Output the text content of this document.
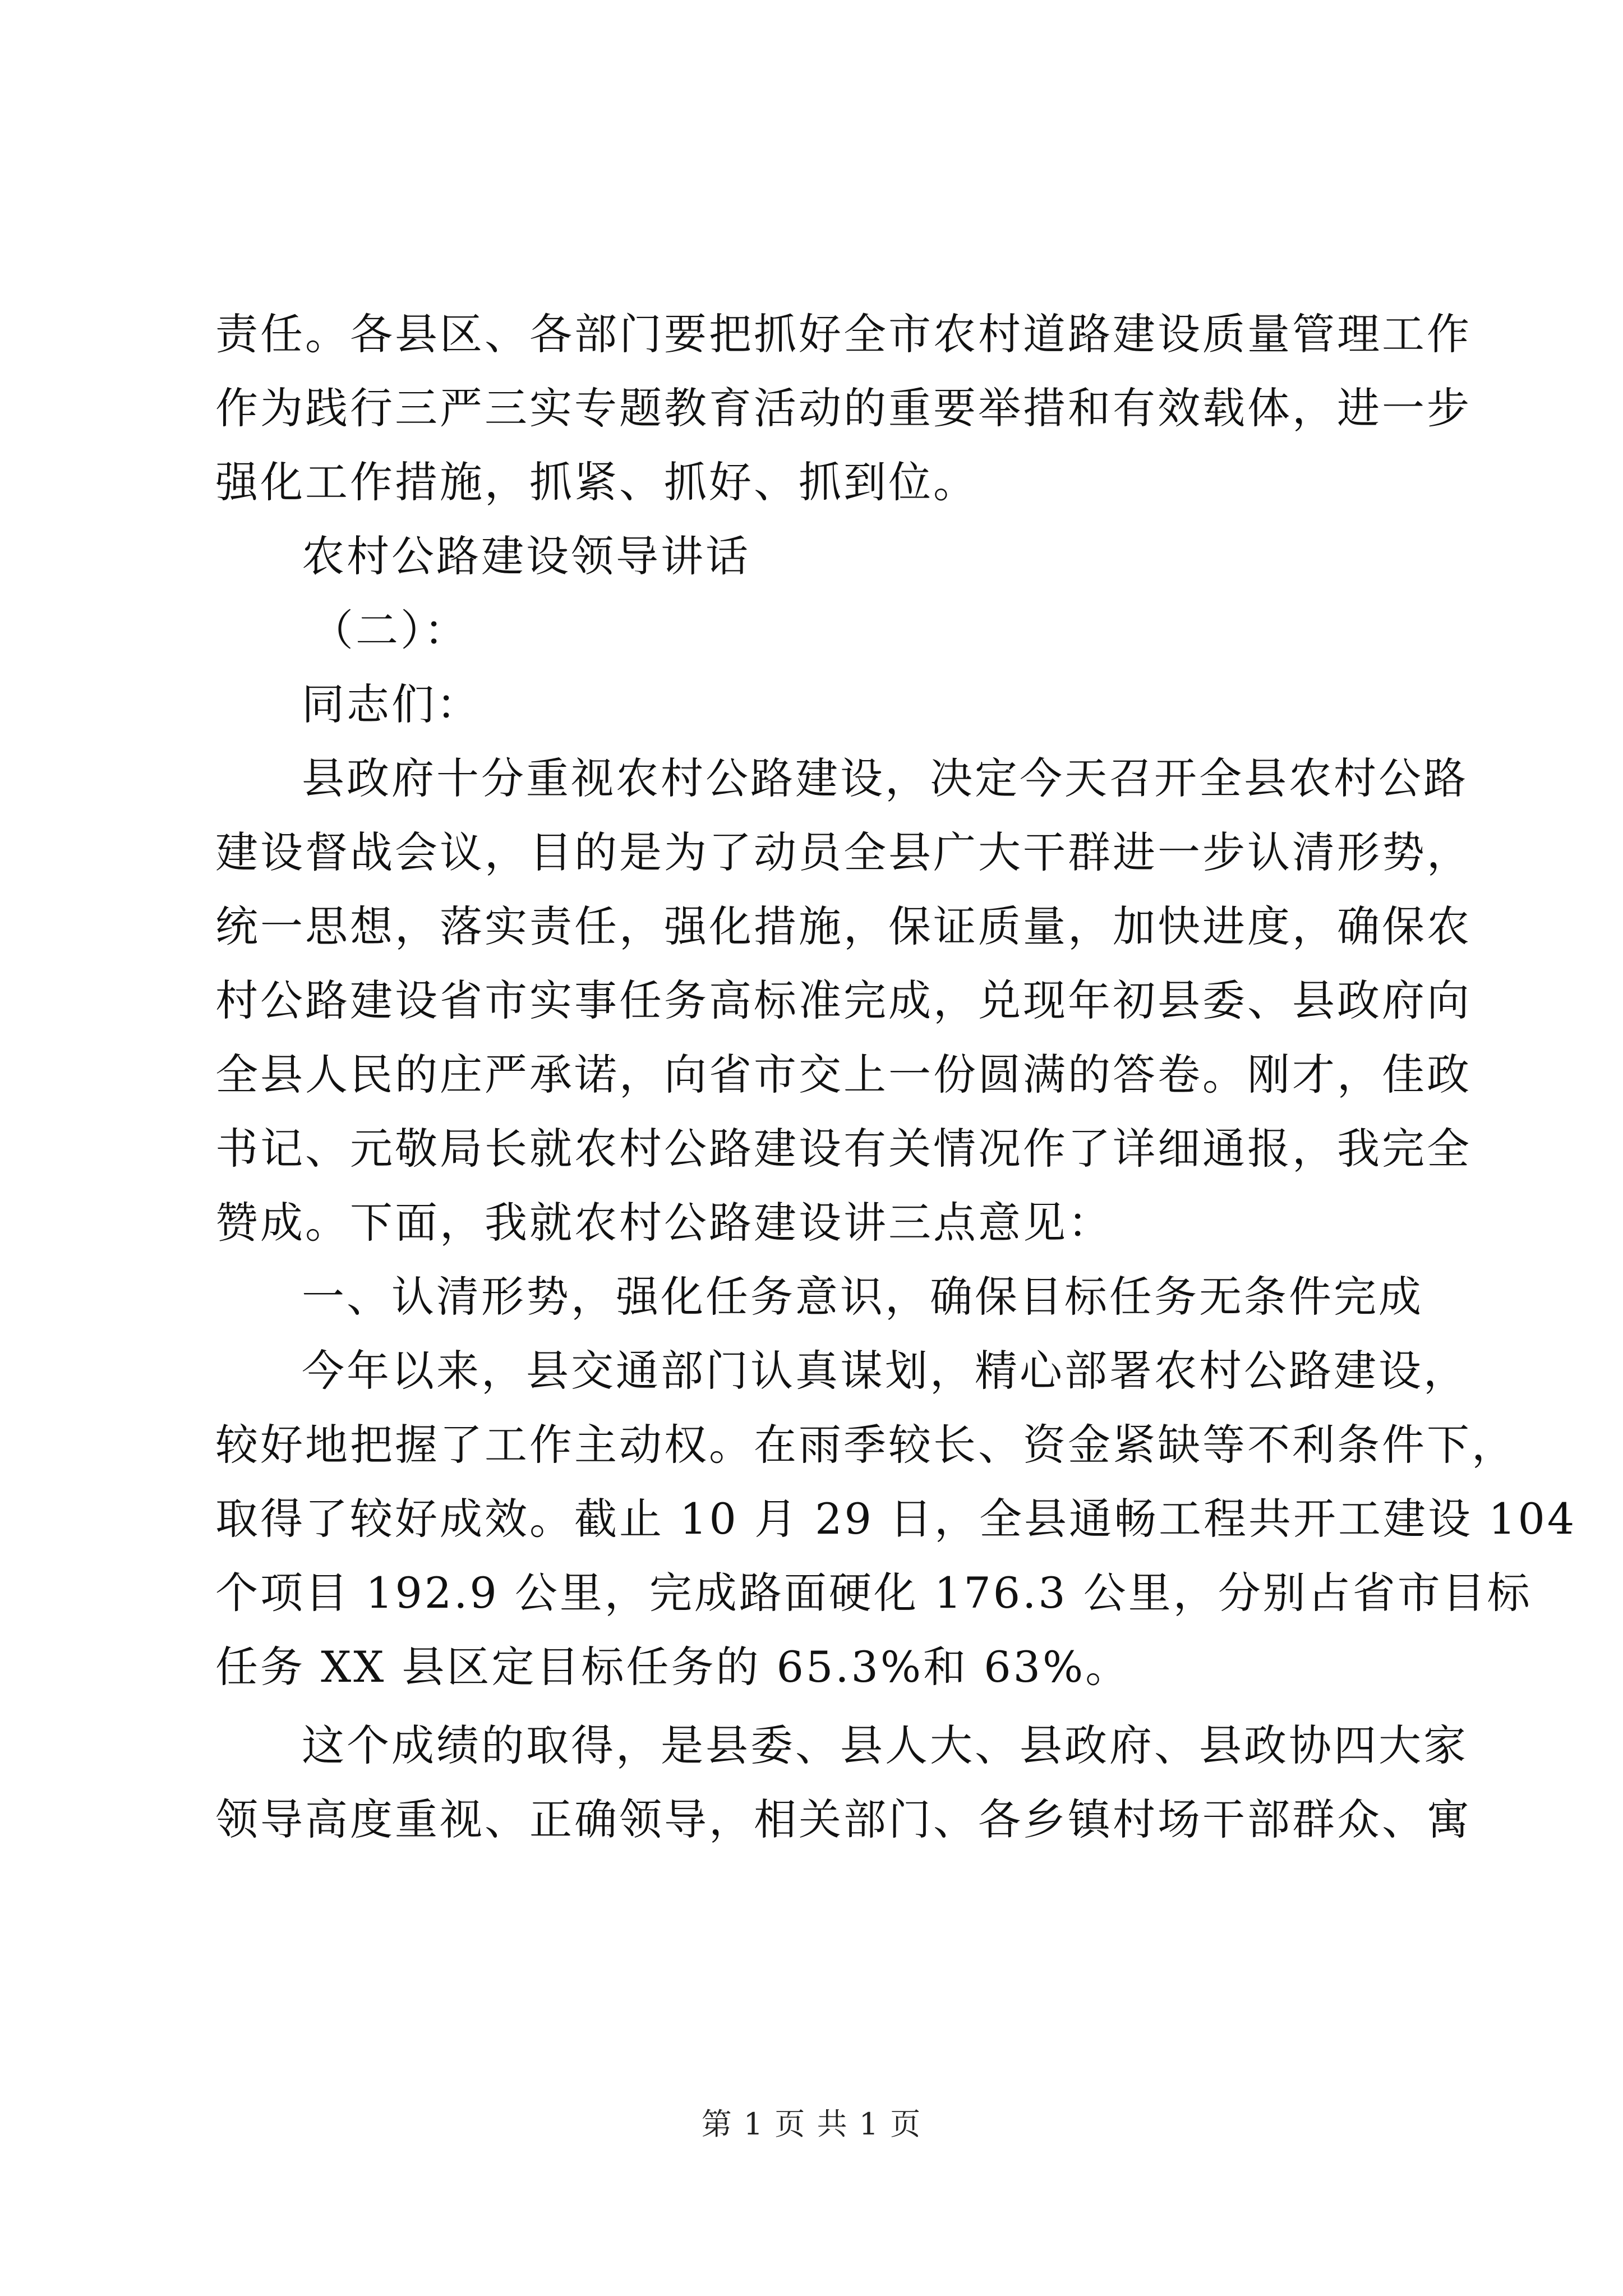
责任。各县区、各部门要把抓好全市农村道路建设质量管理工作

作为践行三严三实专题教育活动的重要举措和有效载体，进一步

强化工作措施，抓紧、抓好、抓到位。

农村公路建设领导讲话

（二）：

同志们：

县政府十分重视农村公路建设，决定今天召开全县农村公路

建设督战会议，目的是为了动员全县广大干群进一步认清形势，

统一思想，落实责任，强化措施，保证质量，加快进度，确保农

村公路建设省市实事任务高标准完成，兑现年初县委、县政府向

全县人民的庄严承诺，向省市交上一份圆满的答卷。刚才，佳政

书记、元敬局长就农村公路建设有关情况作了详细通报，我完全

赞成。下面，我就农村公路建设讲三点意见：

一、认清形势，强化任务意识，确保目标任务无条件完成

今年以来，县交通部门认真谋划，精心部署农村公路建设，

较好地把握了工作主动权。在雨季较长、资金紧缺等不利条件下，

取得了较好成效。截止 10 月 29 日，全县通畅工程共开工建设 104

个项目 192.9 公里，完成路面硬化 176.3 公里，分别占省市目标

任务 XX 县区定目标任务的 65.3%和 63%。

这个成绩的取得，是县委、县人大、县政府、县政协四大家

领导高度重视、正确领导，相关部门、各乡镇村场干部群众、寓

第 1 页 共 1 页
